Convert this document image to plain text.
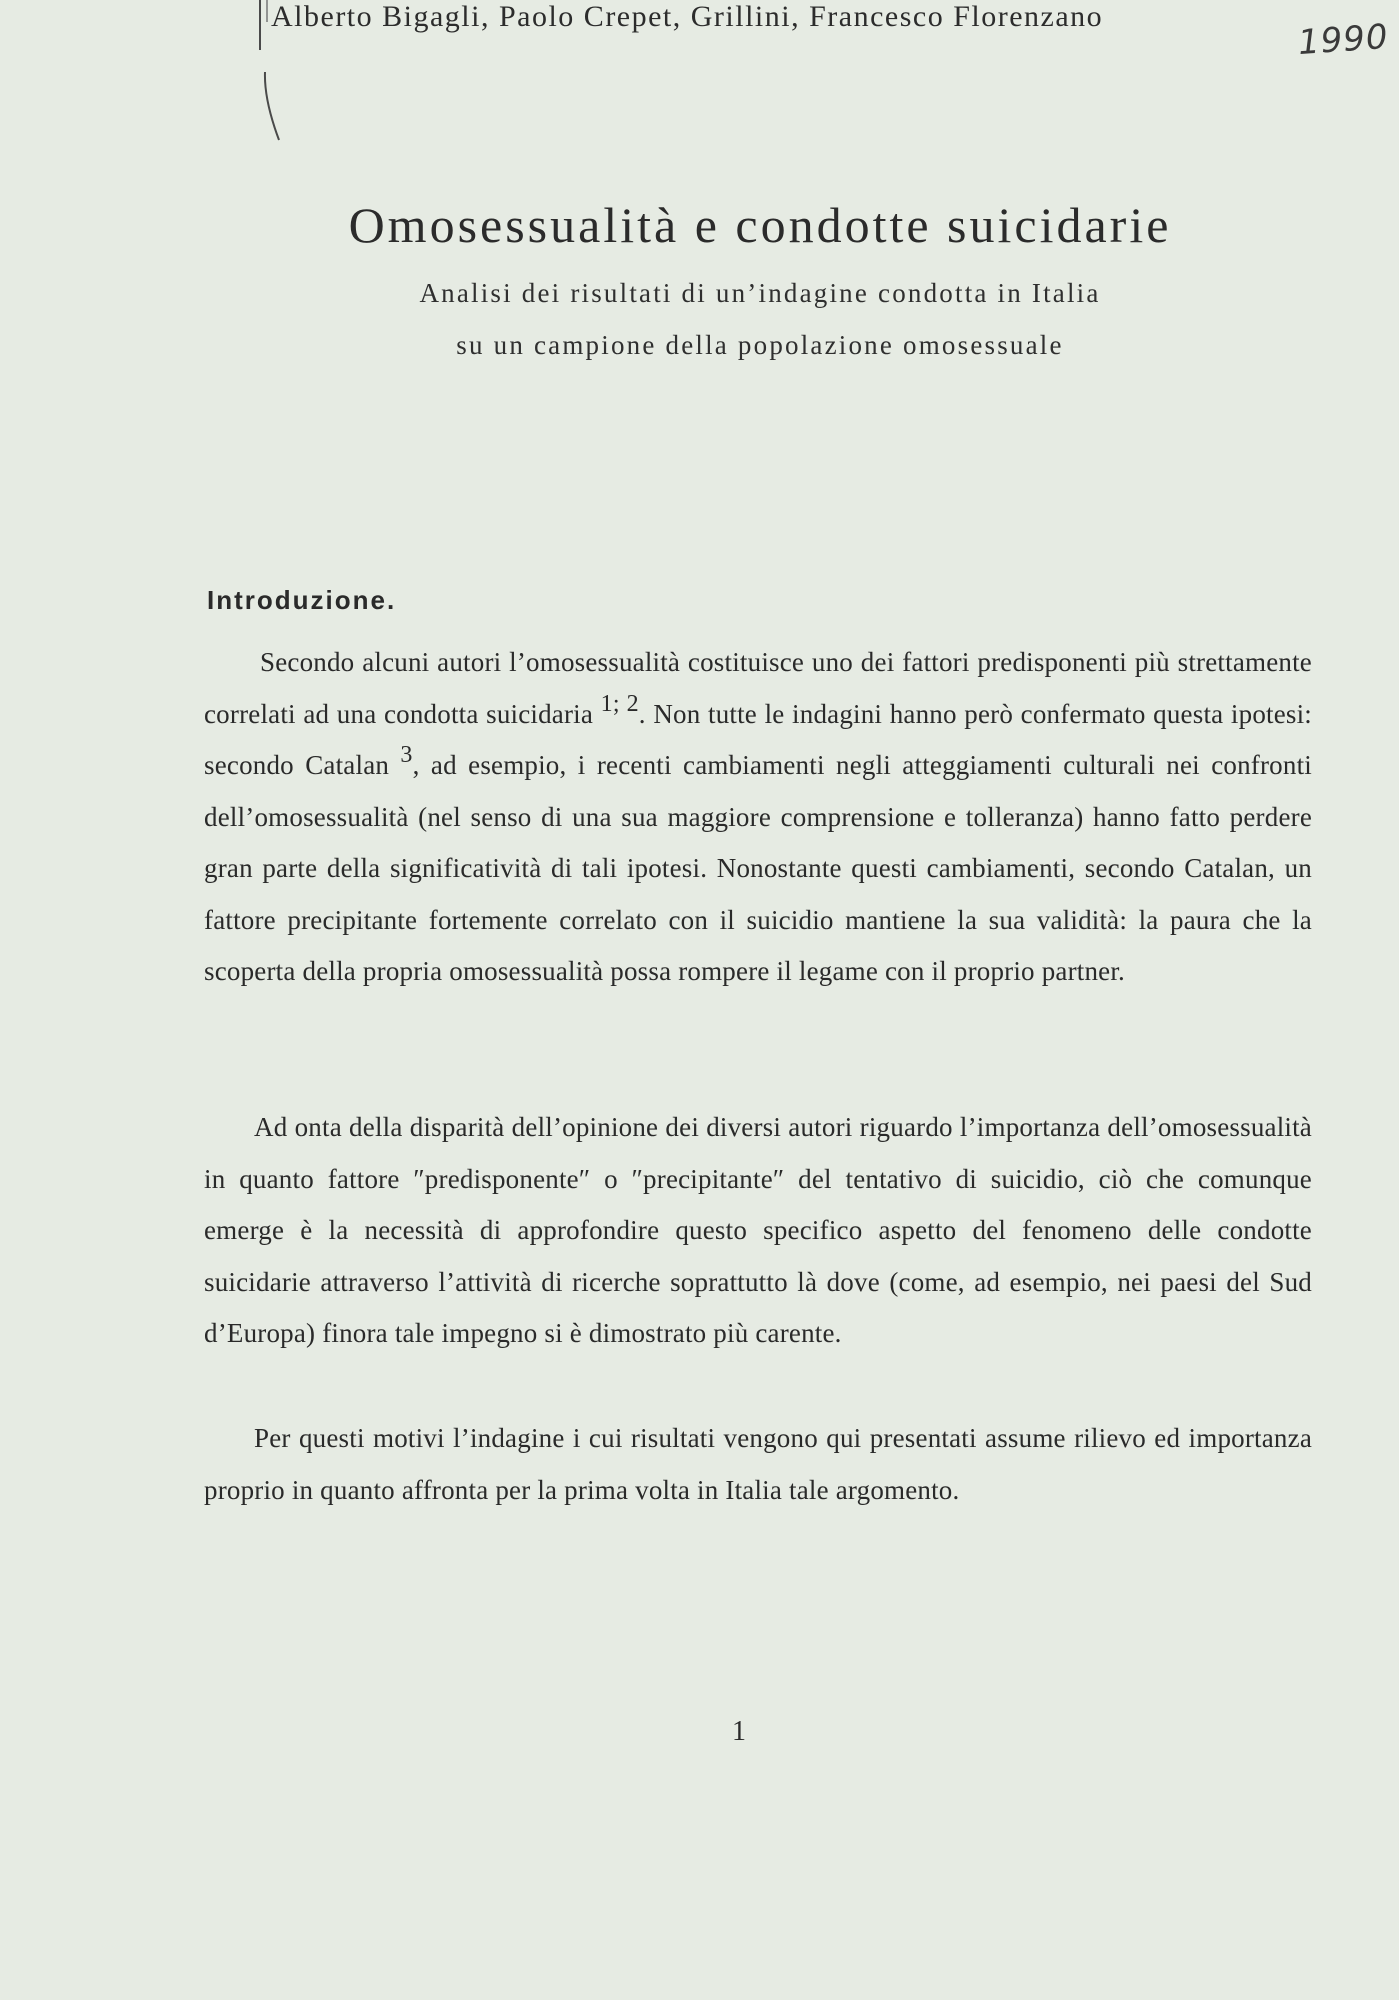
Alberto Bigagli, Paolo Crepet, Grillini, Francesco Florenzano
1990
Omosessualità e condotte suicidarie
Analisi dei risultati di un’indagine condotta in Italia
su un campione della popolazione omosessuale
Introduzione.
Secondo alcuni autori l’omosessualità costituisce uno dei fattori predisponenti più strettamente correlati ad una condotta suicidaria $^{1; 2}$. Non tutte le indagini hanno però confermato questa ipotesi: secondo Catalan $^3$, ad esempio, i recenti cambiamenti negli atteggiamenti culturali nei confronti dell’omosessualità (nel senso di una sua maggiore comprensione e tolleranza) hanno fatto perdere gran parte della significatività di tali ipotesi. Nonostante questi cambiamenti, secondo Catalan, un fattore precipitante fortemente correlato con il suicidio mantiene la sua validità: la paura che la scoperta della propria omosessualità possa rompere il legame con il proprio partner.
Ad onta della disparità dell’opinione dei diversi autori riguardo l’importanza dell’omosessualità in quanto fattore ″predisponente″ o ″precipitante″ del tentativo di suicidio, ciò che comunque emerge è la necessità di approfondire questo specifico aspetto del fenomeno delle condotte suicidarie attraverso l’attività di ricerche soprattutto là dove (come, ad esempio, nei paesi del Sud d’Europa) finora tale impegno si è dimostrato più carente.
Per questi motivi l’indagine i cui risultati vengono qui presentati assume rilievo ed importanza proprio in quanto affronta per la prima volta in Italia tale argomento.
1
